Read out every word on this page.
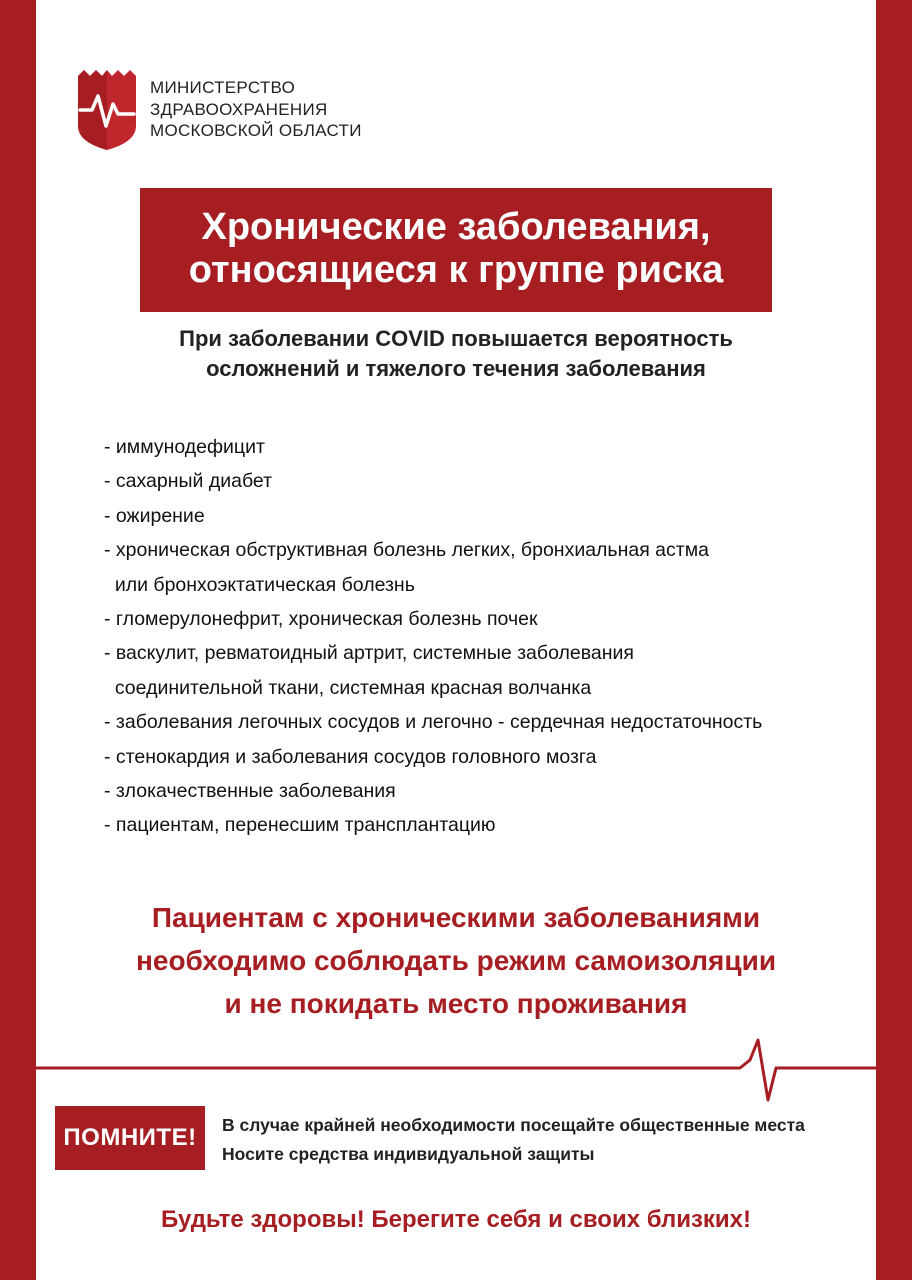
МИНИСТЕРСТВО
ЗДРАВООХРАНЕНИЯ
МОСКОВСКОЙ ОБЛАСТИ
Хронические заболевания,
относящиеся к группе риска
При заболевании COVID повышается вероятность
осложнений и тяжелого течения заболевания
- иммунодефицит
- сахарный диабет
- ожирение
- хроническая обструктивная болезнь легких, бронхиальная астма
или бронхоэктатическая болезнь
- гломерулонефрит, хроническая болезнь почек
- васкулит, ревматоидный артрит, системные заболевания
соединительной ткани, системная красная волчанка
- заболевания легочных сосудов и легочно - сердечная недостаточность
- стенокардия и заболевания сосудов головного мозга
- злокачественные заболевания
- пациентам, перенесшим трансплантацию
Пациентам с хроническими заболеваниями
необходимо соблюдать режим самоизоляции
и не покидать место проживания
ПОМНИТЕ!	В случае крайней необходимости посещайте общественные места
Носите средства индивидуальной защиты
Будьте здоровы! Берегите себя и своих близких!
